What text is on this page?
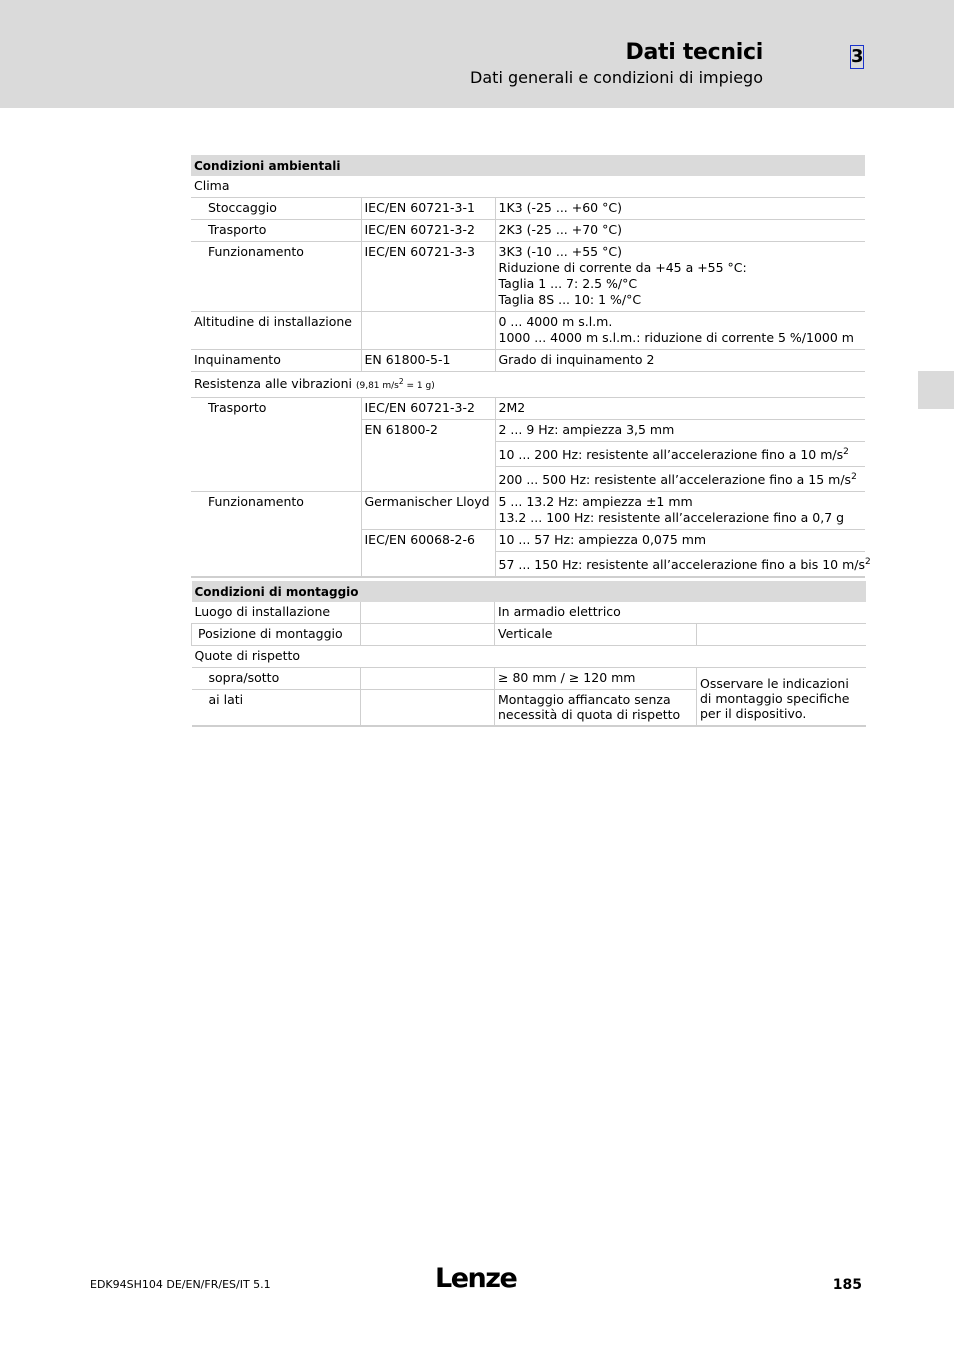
Dati tecnici
Dati generali e condizioni di impiego
3
Condizioni ambientali		
Clima		
Stoccaggio	IEC/EN 60721-3-1	1K3 (-25 ... +60 °C)
Trasporto	IEC/EN 60721-3-2	2K3 (-25 ... +70 °C)
Funzionamento	IEC/EN 60721-3-3	3K3 (-10 ... +55 °C)
Riduzione di corrente da +45 a +55 °C:
Taglia 1 ... 7: 2.5 %/°C
Taglia 8S ... 10: 1 %/°C

Altitudine di installazione		0 ... 4000 m s.l.m.
1000 ... 4000 m s.l.m.: riduzione di corrente 5 %/1000 m

Inquinamento	EN 61800-5-1	Grado di inquinamento 2
Resistenza alle vibrazioni (9,81 $m/s^2 = 1$ g)		
Trasporto	IEC/EN 60721-3-2	2M2
	EN 61800-2	2 ... 9 Hz: ampiezza 3,5 mm
		10 ... 200 Hz: resistente all’accelerazione fino a 10 $m/s^2$
		200 ... 500 Hz: resistente all’accelerazione fino a 15 $m/s^2$
Funzionamento	Germanischer Lloyd	5 ... 13.2 Hz: ampiezza ±1 mm
13.2 ... 100 Hz: resistente all’accelerazione fino a 0,7 g

	IEC/EN 60068-2-6	10 ... 57 Hz: ampiezza 0,075 mm
		57 ... 150 Hz: resistente all’accelerazione fino a bis 10 $m/s^2$
Condizioni di montaggio			
Luogo di installazione		In armadio elettrico	
Posizione di montaggio		Verticale	
Quote di rispetto			
sopra/sotto		≥ 80 mm / ≥ 120 mm	Osservare le indicazioni di montaggio specifiche per il dispositivo.
ai lati		Montaggio affiancato senza necessità di quota di rispetto	
EDK94SH104 DE/EN/FR/ES/IT 5.1	Lenze	185
